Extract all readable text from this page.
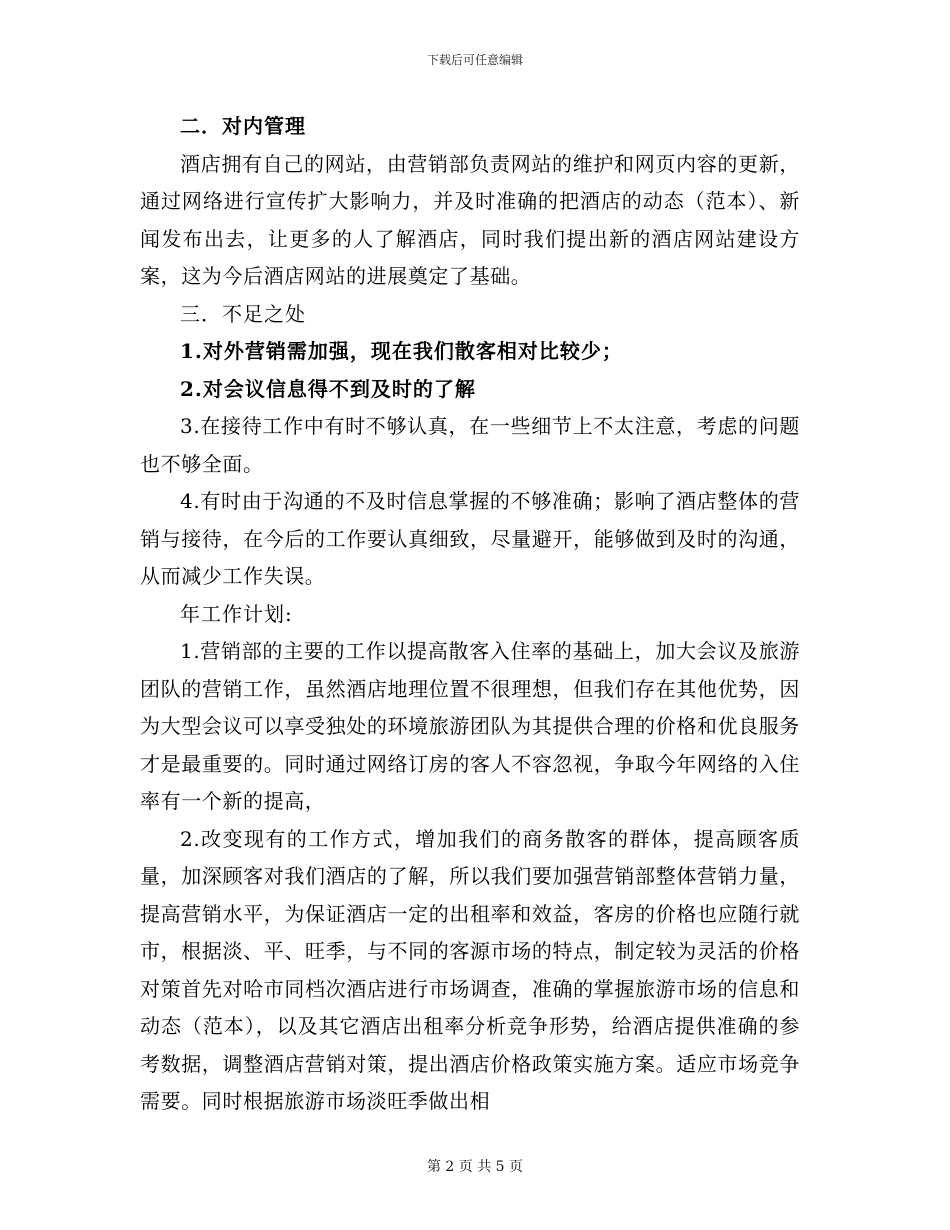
下载后可任意编辑

二．对内管理

酒店拥有自己的网站，由营销部负责网站的维护和网页内容的更新，通过网络进行宣传扩大影响力，并及时准确的把酒店的动态（范本）、新闻发布出去，让更多的人了解酒店，同时我们提出新的酒店网站建设方案，这为今后酒店网站的进展奠定了基础。

三．不足之处

1.对外营销需加强，现在我们散客相对比较少；

2.对会议信息得不到及时的了解

3.在接待工作中有时不够认真，在一些细节上不太注意，考虑的问题也不够全面。

4.有时由于沟通的不及时信息掌握的不够准确；影响了酒店整体的营销与接待，在今后的工作要认真细致，尽量避开，能够做到及时的沟通，从而减少工作失误。

年工作计划:

1.营销部的主要的工作以提高散客入住率的基础上，加大会议及旅游团队的营销工作，虽然酒店地理位置不很理想，但我们存在其他优势，因为大型会议可以享受独处的环境旅游团队为其提供合理的价格和优良服务才是最重要的。同时通过网络订房的客人不容忽视，争取今年网络的入住率有一个新的提高，

2.改变现有的工作方式，增加我们的商务散客的群体，提高顾客质量，加深顾客对我们酒店的了解，所以我们要加强营销部整体营销力量，提高营销水平，为保证酒店一定的出租率和效益，客房的价格也应随行就市，根据淡、平、旺季，与不同的客源市场的特点，制定较为灵活的价格对策首先对哈市同档次酒店进行市场调查，准确的掌握旅游市场的信息和动态（范本），以及其它酒店出租率分析竞争形势，给酒店提供准确的参考数据，调整酒店营销对策，提出酒店价格政策实施方案。适应市场竞争需要。同时根据旅游市场淡旺季做出相

第 2 页 共 5 页
